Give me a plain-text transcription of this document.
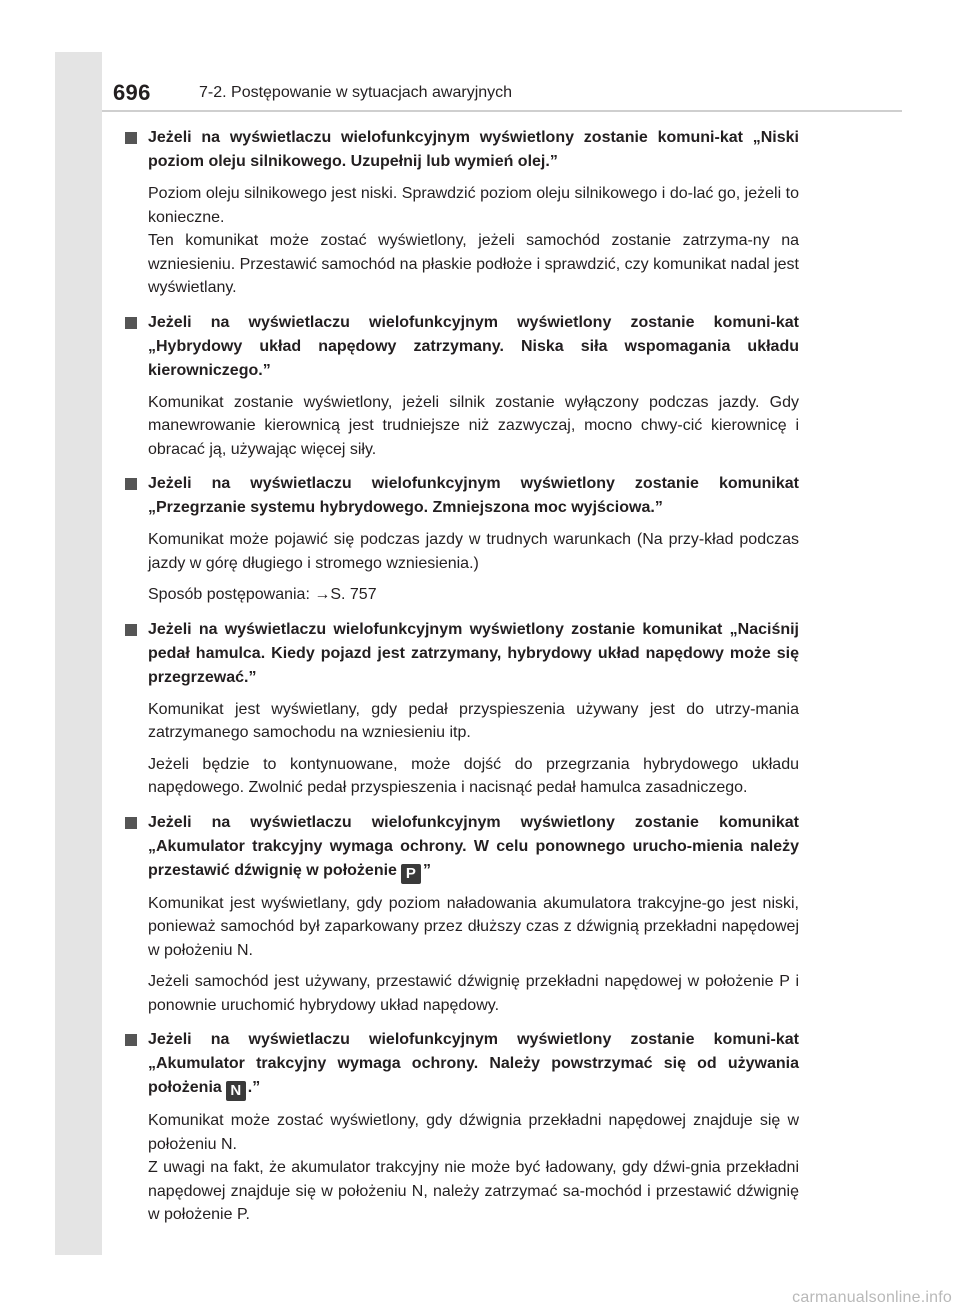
696	7-2. Postępowanie w sytuacjach awaryjnych
Jeżeli na wyświetlaczu wielofunkcyjnym wyświetlony zostanie komuni-kat „Niski poziom oleju silnikowego. Uzupełnij lub wymień olej.”

Poziom oleju silnikowego jest niski. Sprawdzić poziom oleju silnikowego i do-lać go, jeżeli to konieczne.

Ten komunikat może zostać wyświetlony, jeżeli samochód zostanie zatrzyma-ny na wzniesieniu. Przestawić samochód na płaskie podłoże i sprawdzić, czy komunikat nadal jest wyświetlany.

Jeżeli na wyświetlaczu wielofunkcyjnym wyświetlony zostanie komuni-kat „Hybrydowy układ napędowy zatrzymany. Niska siła wspomagania układu kierowniczego.”

Komunikat zostanie wyświetlony, jeżeli silnik zostanie wyłączony podczas jazdy. Gdy manewrowanie kierownicą jest trudniejsze niż zazwyczaj, mocno chwy-cić kierownicę i obracać ją, używając więcej siły.

Jeżeli na wyświetlaczu wielofunkcyjnym wyświetlony zostanie komunikat „Przegrzanie systemu hybrydowego. Zmniejszona moc wyjściowa.”

Komunikat może pojawić się podczas jazdy w trudnych warunkach (Na przy-kład podczas jazdy w górę długiego i stromego wzniesienia.)

Sposób postępowania: →S. 757

Jeżeli na wyświetlaczu wielofunkcyjnym wyświetlony zostanie komunikat „Naciśnij pedał hamulca. Kiedy pojazd jest zatrzymany, hybrydowy układ napędowy może się przegrzewać.”

Komunikat jest wyświetlany, gdy pedał przyspieszenia używany jest do utrzy-mania zatrzymanego samochodu na wzniesieniu itp.

Jeżeli będzie to kontynuowane, może dojść do przegrzania hybrydowego układu napędowego. Zwolnić pedał przyspieszenia i nacisnąć pedał hamulca zasadniczego.

Jeżeli na wyświetlaczu wielofunkcyjnym wyświetlony zostanie komunikat „Akumulator trakcyjny wymaga ochrony. W celu ponownego urucho-mienia należy przestawić dźwignię w położenie P ”

Komunikat jest wyświetlany, gdy poziom naładowania akumulatora trakcyjne-go jest niski, ponieważ samochód był zaparkowany przez dłuższy czas z dźwignią przekładni napędowej w położeniu N.

Jeżeli samochód jest używany, przestawić dźwignię przekładni napędowej w położenie P i ponownie uruchomić hybrydowy układ napędowy.

Jeżeli na wyświetlaczu wielofunkcyjnym wyświetlony zostanie komuni-kat „Akumulator trakcyjny wymaga ochrony. Należy powstrzymać się od używania położenia N .”

Komunikat może zostać wyświetlony, gdy dźwignia przekładni napędowej znajduje się w położeniu N.

Z uwagi na fakt, że akumulator trakcyjny nie może być ładowany, gdy dźwi-gnia przekładni napędowej znajduje się w położeniu N, należy zatrzymać sa-mochód i przestawić dźwignię w położenie P.

carmanualsonline.info
